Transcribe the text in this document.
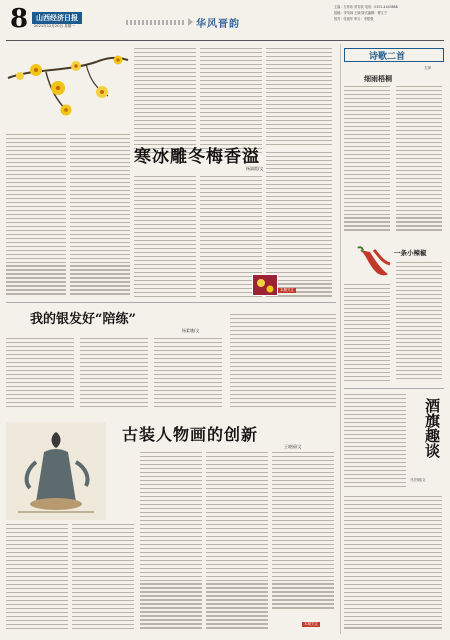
8	山西经济日报
2021年12月20日 星期一	华风晋韵
主编：左仲伟 常芳波 电话：0351-4443888
组稿：李茂林 王晓 版式编辑：曹文宁
校对：张振华 审订：李强强
寒冰雕冬梅香溢
杨淑霞/文
本期关注
我的银发好“陪练”
杨素娥/文
古装人物画的创新
王晓丽/文
本期关注
诗歌二首
左萍
细雨梧桐
一条小辣椒
酒旗趣谈
马宏明/文
